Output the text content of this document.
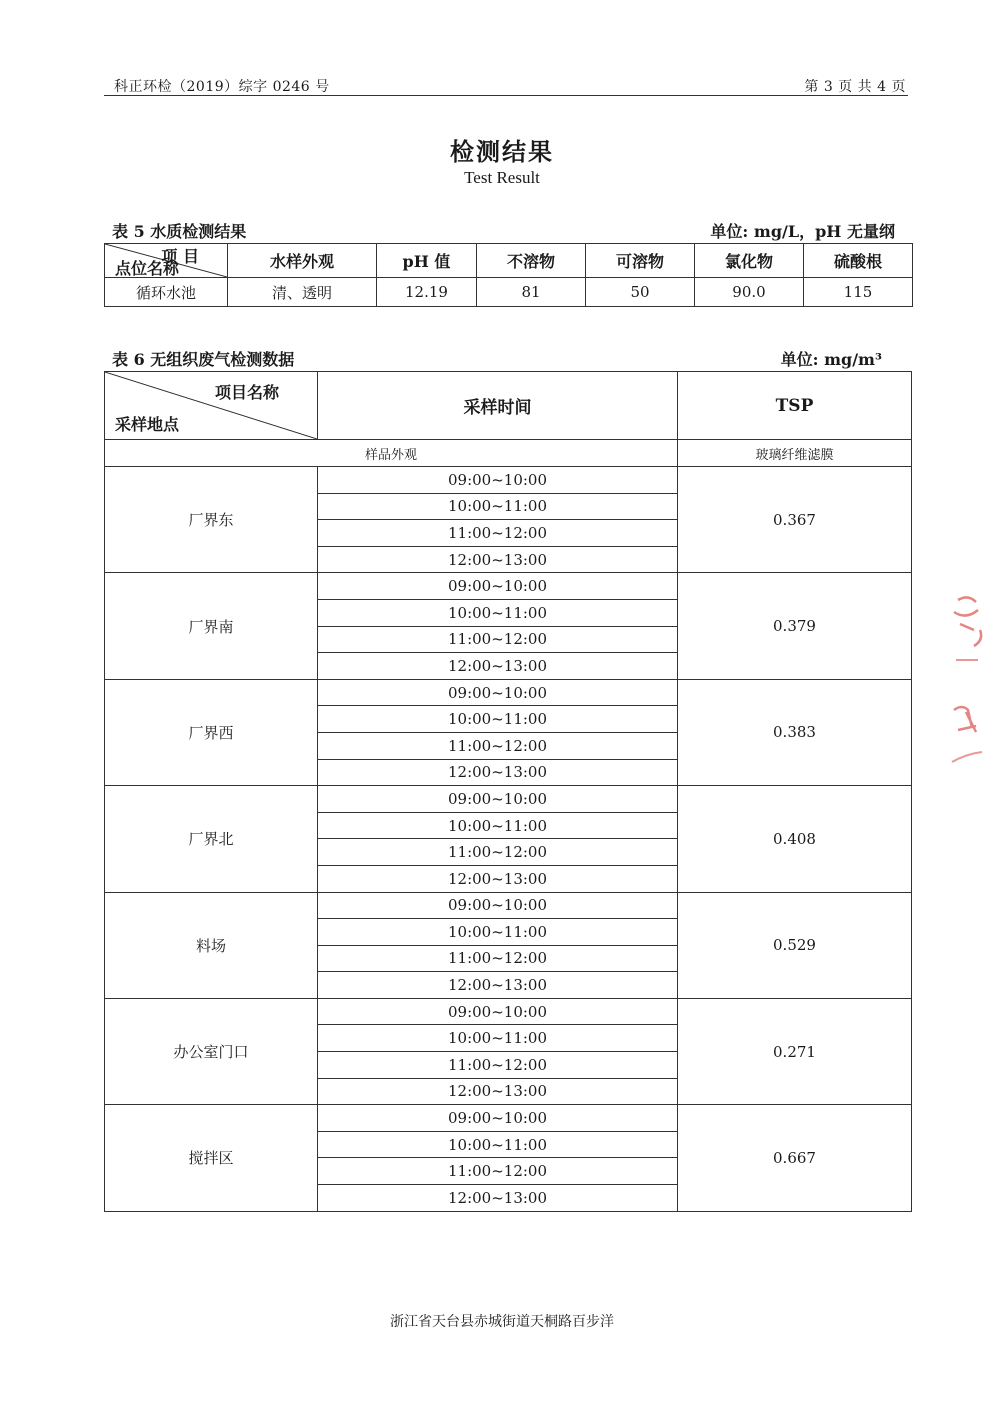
科正环检（2019）综字 0246 号	第 3 页 共 4 页
检测结果
Test Result
表 5 水质检测结果	单位: mg/L，pH 无量纲
项 目
点位名称	水样外观	pH 值	不溶物	可溶物	氯化物	硫酸根
循环水池	清、透明	12.19	81	50	90.0	115
表 6 无组织废气检测数据	单位: mg/m³
项目名称
采样地点	采样时间	TSP
样品外观		玻璃纤维滤膜
厂界东	09:00~10:00	0.367
	10:00~11:00	
	11:00~12:00	
	12:00~13:00	
厂界南	09:00~10:00	0.379
	10:00~11:00	
	11:00~12:00	
	12:00~13:00	
厂界西	09:00~10:00	0.383
	10:00~11:00	
	11:00~12:00	
	12:00~13:00	
厂界北	09:00~10:00	0.408
	10:00~11:00	
	11:00~12:00	
	12:00~13:00	
料场	09:00~10:00	0.529
	10:00~11:00	
	11:00~12:00	
	12:00~13:00	
办公室门口	09:00~10:00	0.271
	10:00~11:00	
	11:00~12:00	
	12:00~13:00	
搅拌区	09:00~10:00	0.667
	10:00~11:00	
	11:00~12:00	
	12:00~13:00	
浙江省天台县赤城街道天桐路百步洋
